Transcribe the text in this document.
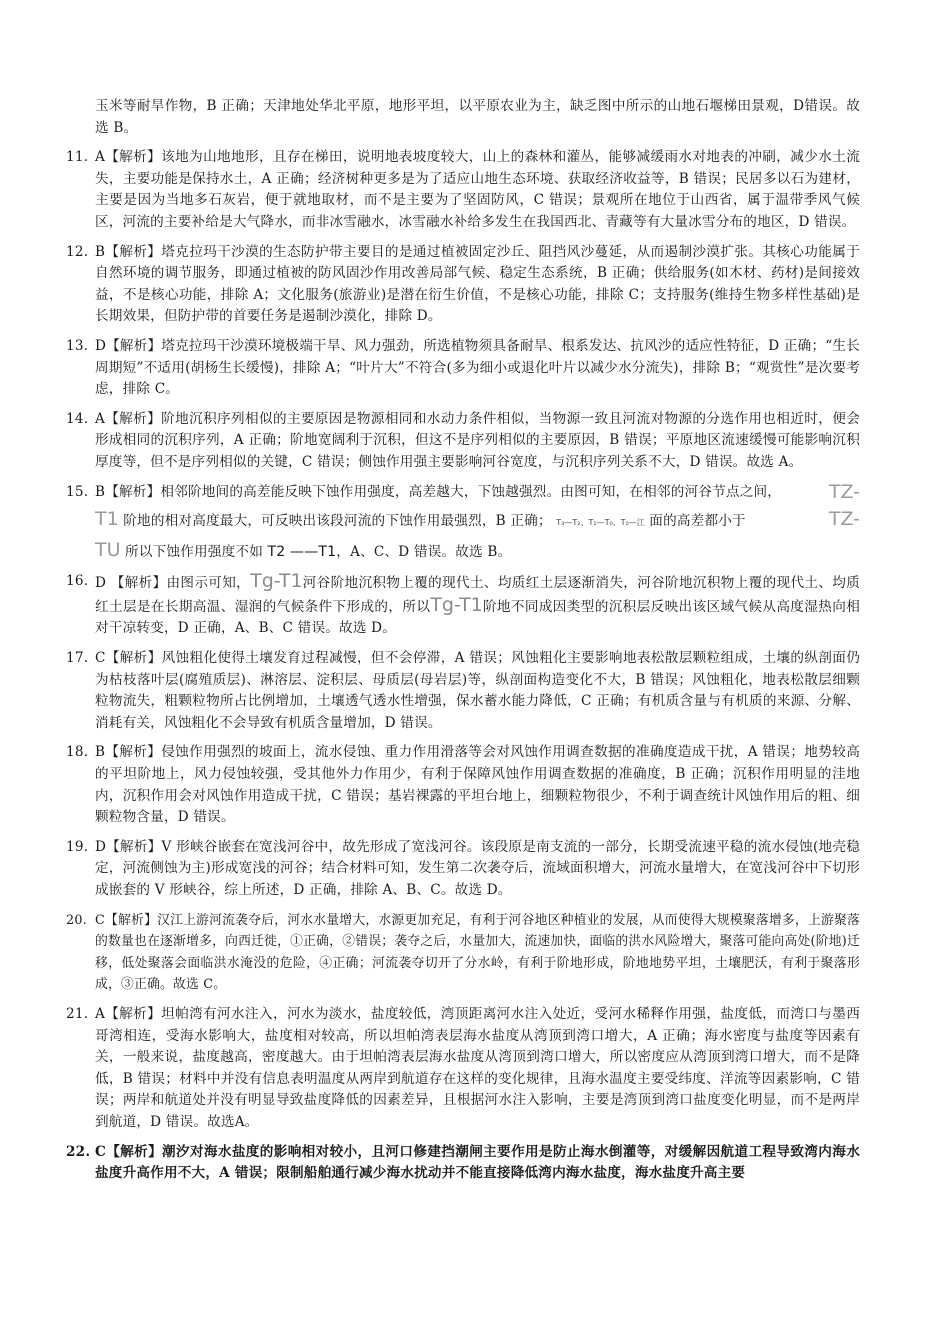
玉米等耐旱作物，B 正确；天津地处华北平原，地形平坦，以平原农业为主，缺乏图中所示的山地石堰梯田景观，D错误。故选 B。

11. A【解析】该地为山地地形，且存在梯田，说明地表坡度较大，山上的森林和灌丛，能够减缓雨水对地表的冲刷，减少水土流失，主要功能是保持水土，A 正确；经济树种更多是为了适应山地生态环境、获取经济收益等，B 错误；民居多以石为建材，主要是因为当地多石灰岩，便于就地取材，而不是主要为了坚固防风，C 错误；景观所在地位于山西省，属于温带季风气候区，河流的主要补给是大气降水，而非冰雪融水，冰雪融水补给多发生在我国西北、青藏等有大量冰雪分布的地区，D 错误。
12. B【解析】塔克拉玛干沙漠的生态防护带主要目的是通过植被固定沙丘、阻挡风沙蔓延，从而遏制沙漠扩张。其核心功能属于自然环境的调节服务，即通过植被的防风固沙作用改善局部气候、稳定生态系统，B 正确；供给服务(如木材、药材)是间接效益，不是核心功能，排除 A；文化服务(旅游业)是潜在衍生价值，不是核心功能，排除 C；支持服务(维持生物多样性基础)是长期效果，但防护带的首要任务是遏制沙漠化，排除 D。
13. D【解析】塔克拉玛干沙漠环境极端干旱、风力强劲，所选植物须具备耐旱、根系发达、抗风沙的适应性特征，D 正确；“生长周期短”不适用(胡杨生长缓慢)，排除 A；“叶片大”不符合(多为细小或退化叶片以减少水分流失)，排除 B；“观赏性”是次要考虑，排除 C。
14. A【解析】阶地沉积序列相似的主要原因是物源相同和水动力条件相似，当物源一致且河流对物源的分选作用也相近时，便会形成相同的沉积序列，A 正确；阶地宽阔利于沉积，但这不是序列相似的主要原因，B 错误；平原地区流速缓慢可能影响沉积厚度等，但不是序列相似的关键，C 错误；侧蚀作用强主要影响河谷宽度，与沉积序列关系不大，D 错误。故选 A。
15. B【解析】相邻阶地间的高差能反映下蚀作用强度，高差越大，下蚀越强烈。由图可知，在相邻的河谷节点之间，	TZ-
T1 阶地的相对高度最大，可反映出该段河流的下蚀作用最强烈，B 正确； T₃—T₂、T₁—T₀、T₀—江 面的高差都小于	TZ-
TU 所以下蚀作用强度不如 T2 ——T1，A、C、D 错误。故选 B。
16. D 【解析】由图示可知，Tg-T1河谷阶地沉积物上覆的现代土、均质红土层逐渐消失，河谷阶地沉积物上覆的现代土、均质红土层是在长期高温、湿润的气候条件下形成的，所以Tg-T1阶地不同成因类型的沉积层反映出该区域气候从高度湿热向相对干凉转变，D 正确，A、B、C 错误。故选 D。
17. C【解析】风蚀粗化使得土壤发育过程减慢，但不会停滞，A 错误；风蚀粗化主要影响地表松散层颗粒组成，土壤的纵剖面仍为枯枝落叶层(腐殖质层)、淋溶层、淀积层、母质层(母岩层)等，纵剖面构造变化不大，B 错误；风蚀粗化，地表松散层细颗粒物流失，粗颗粒物所占比例增加，土壤透气透水性增强，保水蓄水能力降低，C 正确；有机质含量与有机质的来源、分解、消耗有关，风蚀粗化不会导致有机质含量增加，D 错误。
18. B【解析】侵蚀作用强烈的坡面上，流水侵蚀、重力作用滑落等会对风蚀作用调查数据的准确度造成干扰，A 错误；地势较高的平坦阶地上，风力侵蚀较强，受其他外力作用少，有利于保障风蚀作用调查数据的准确度，B 正确；沉积作用明显的洼地内，沉积作用会对风蚀作用造成干扰，C 错误；基岩裸露的平坦台地上，细颗粒物很少，不利于调查统计风蚀作用后的粗、细颗粒物含量，D 错误。
19. D【解析】V 形峡谷嵌套在宽浅河谷中，故先形成了宽浅河谷。该段原是南支流的一部分，长期受流速平稳的流水侵蚀(地壳稳定，河流侧蚀为主)形成宽浅的河谷；结合材料可知，发生第二次袭夺后，流域面积增大，河流水量增大，在宽浅河谷中下切形成嵌套的 V 形峡谷，综上所述，D 正确，排除 A、B、C。故选 D。
20. C【解析】汉江上游河流袭夺后，河水水量增大，水源更加充足，有利于河谷地区种植业的发展，从而使得大规模聚落增多，上游聚落的数量也在逐渐增多，向西迁徙，①正确，②错误；袭夺之后，水量加大，流速加快，面临的洪水风险增大，聚落可能向高处(阶地)迁移，低处聚落会面临洪水淹没的危险，④正确；河流袭夺切开了分水岭，有利于阶地形成，阶地地势平坦，土壤肥沃，有利于聚落形成，③正确。故选 C。
21. A【解析】坦帕湾有河水注入，河水为淡水，盐度较低，湾顶距离河水注入处近，受河水稀释作用强，盐度低，而湾口与墨西哥湾相连，受海水影响大，盐度相对较高，所以坦帕湾表层海水盐度从湾顶到湾口增大，A 正确；海水密度与盐度等因素有关，一般来说，盐度越高，密度越大。由于坦帕湾表层海水盐度从湾顶到湾口增大，所以密度应从湾顶到湾口增大，而不是降低，B 错误；材料中并没有信息表明温度从两岸到航道存在这样的变化规律，且海水温度主要受纬度、洋流等因素影响，C 错误；两岸和航道处并没有明显导致盐度降低的因素差异，且根据河水注入影响，主要是湾顶到湾口盐度变化明显，而不是两岸到航道，D 错误。故选A。
22. C【解析】潮汐对海水盐度的影响相对较小，且河口修建挡潮闸主要作用是防止海水倒灌等，对缓解因航道工程导致湾内海水盐度升高作用不大，A 错误；限制船舶通行减少海水扰动并不能直接降低湾内海水盐度，海水盐度升高主要
